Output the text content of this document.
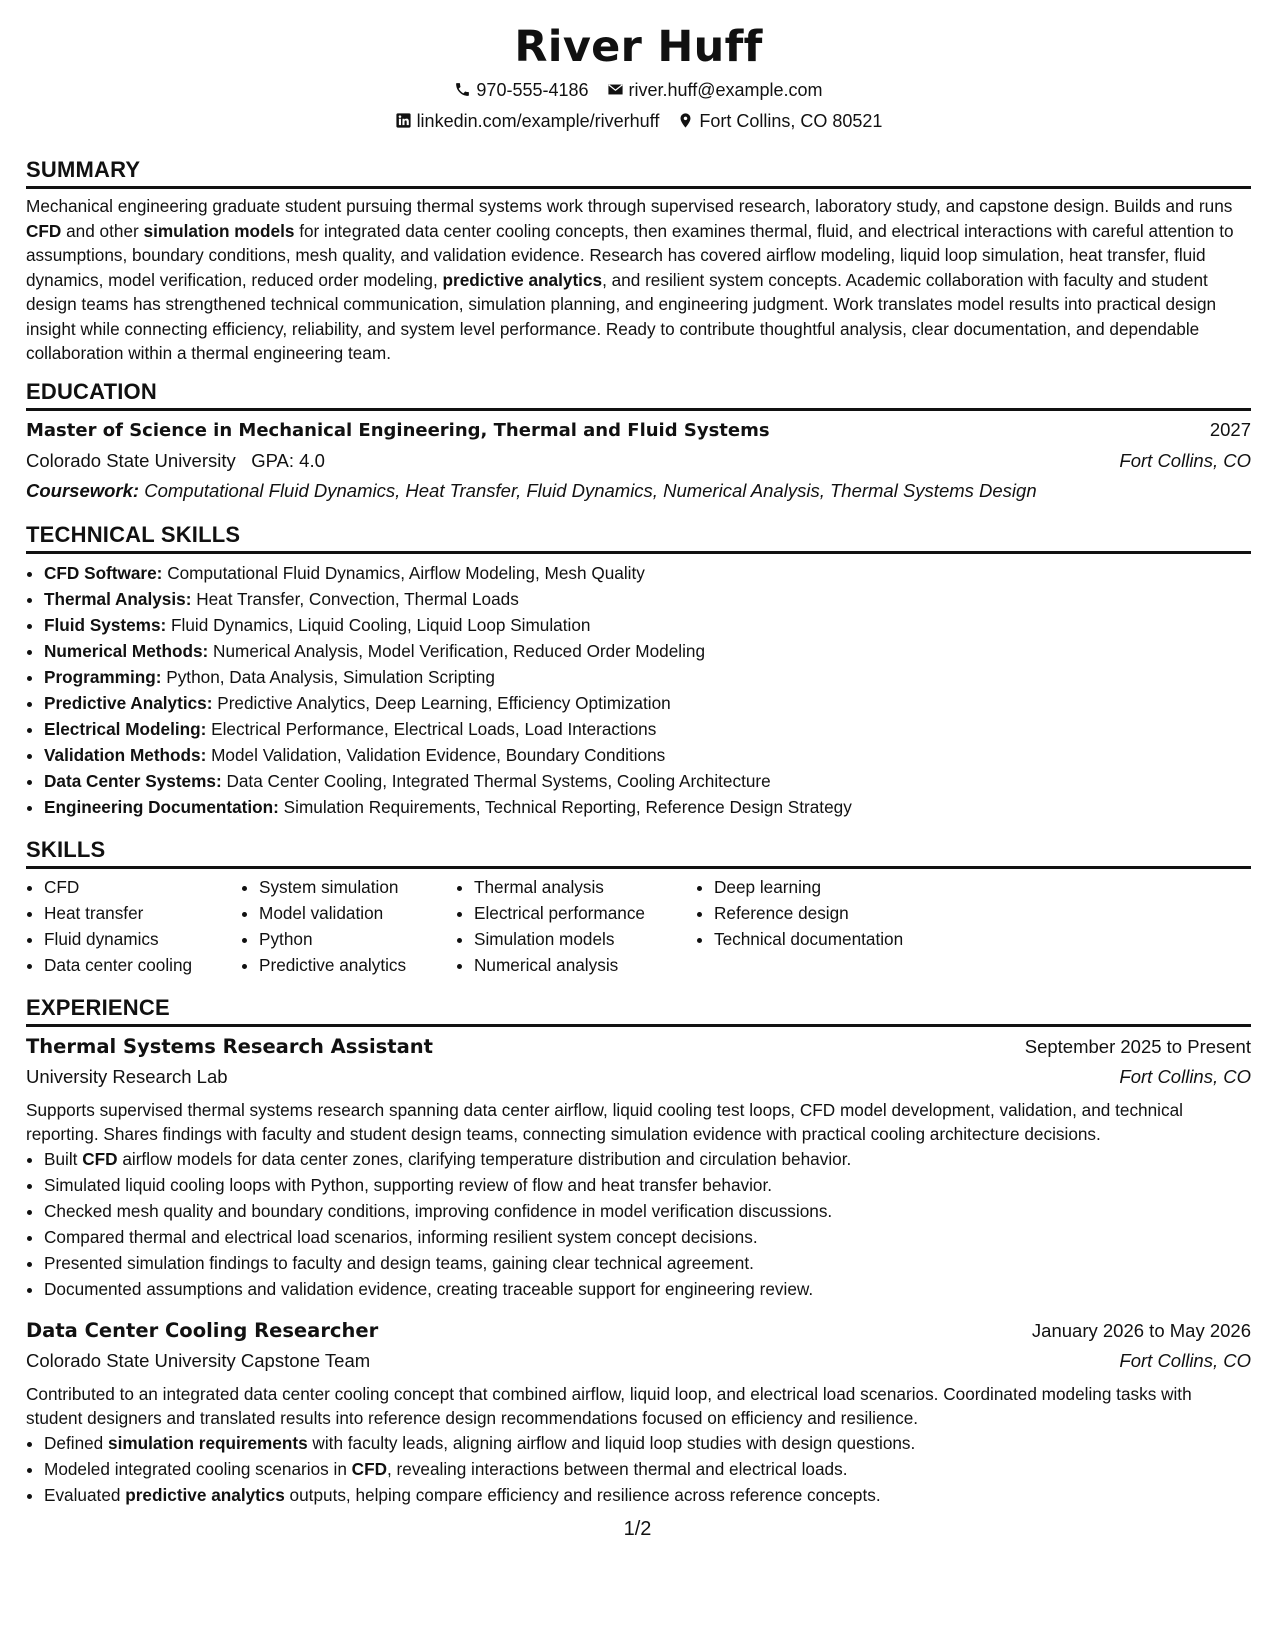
River Huff
970-555-4186 river.huff@example.com
linkedin.com/example/riverhuff Fort Collins, CO 80521
SUMMARY
Mechanical engineering graduate student pursuing thermal systems work through supervised research, laboratory study, and capstone design. Builds and runs CFD and other simulation models for integrated data center cooling concepts, then examines thermal, fluid, and electrical interactions with careful attention to assumptions, boundary conditions, mesh quality, and validation evidence. Research has covered airflow modeling, liquid loop simulation, heat transfer, fluid dynamics, model verification, reduced order modeling, predictive analytics, and resilient system concepts. Academic collaboration with faculty and student design teams has strengthened technical communication, simulation planning, and engineering judgment. Work translates model results into practical design insight while connecting efficiency, reliability, and system level performance. Ready to contribute thoughtful analysis, clear documentation, and dependable collaboration within a thermal engineering team.
EDUCATION
Master of Science in Mechanical Engineering, Thermal and Fluid Systems	2027
Colorado State University GPA: 4.0	Fort Collins, CO
Coursework: Computational Fluid Dynamics, Heat Transfer, Fluid Dynamics, Numerical Analysis, Thermal Systems Design
TECHNICAL SKILLS
• CFD Software: Computational Fluid Dynamics, Airflow Modeling, Mesh Quality
• Thermal Analysis: Heat Transfer, Convection, Thermal Loads
• Fluid Systems: Fluid Dynamics, Liquid Cooling, Liquid Loop Simulation
• Numerical Methods: Numerical Analysis, Model Verification, Reduced Order Modeling
• Programming: Python, Data Analysis, Simulation Scripting
• Predictive Analytics: Predictive Analytics, Deep Learning, Efficiency Optimization
• Electrical Modeling: Electrical Performance, Electrical Loads, Load Interactions
• Validation Methods: Model Validation, Validation Evidence, Boundary Conditions
• Data Center Systems: Data Center Cooling, Integrated Thermal Systems, Cooling Architecture
• Engineering Documentation: Simulation Requirements, Technical Reporting, Reference Design Strategy
SKILLS
• CFD
• Heat transfer
• Fluid dynamics
• Data center cooling
• System simulation
• Model validation
• Python
• Predictive analytics
• Thermal analysis
• Electrical performance
• Simulation models
• Numerical analysis
• Deep learning
• Reference design
• Technical documentation
EXPERIENCE
Thermal Systems Research Assistant	September 2025 to Present
University Research Lab	Fort Collins, CO
Supports supervised thermal systems research spanning data center airflow, liquid cooling test loops, CFD model development, validation, and technical reporting. Shares findings with faculty and student design teams, connecting simulation evidence with practical cooling architecture decisions.
• Built CFD airflow models for data center zones, clarifying temperature distribution and circulation behavior.
• Simulated liquid cooling loops with Python, supporting review of flow and heat transfer behavior.
• Checked mesh quality and boundary conditions, improving confidence in model verification discussions.
• Compared thermal and electrical load scenarios, informing resilient system concept decisions.
• Presented simulation findings to faculty and design teams, gaining clear technical agreement.
• Documented assumptions and validation evidence, creating traceable support for engineering review.
Data Center Cooling Researcher	January 2026 to May 2026
Colorado State University Capstone Team	Fort Collins, CO
Contributed to an integrated data center cooling concept that combined airflow, liquid loop, and electrical load scenarios. Coordinated modeling tasks with student designers and translated results into reference design recommendations focused on efficiency and resilience.
• Defined simulation requirements with faculty leads, aligning airflow and liquid loop studies with design questions.
• Modeled integrated cooling scenarios in CFD, revealing interactions between thermal and electrical loads.
• Evaluated predictive analytics outputs, helping compare efficiency and resilience across reference concepts.
1/2
